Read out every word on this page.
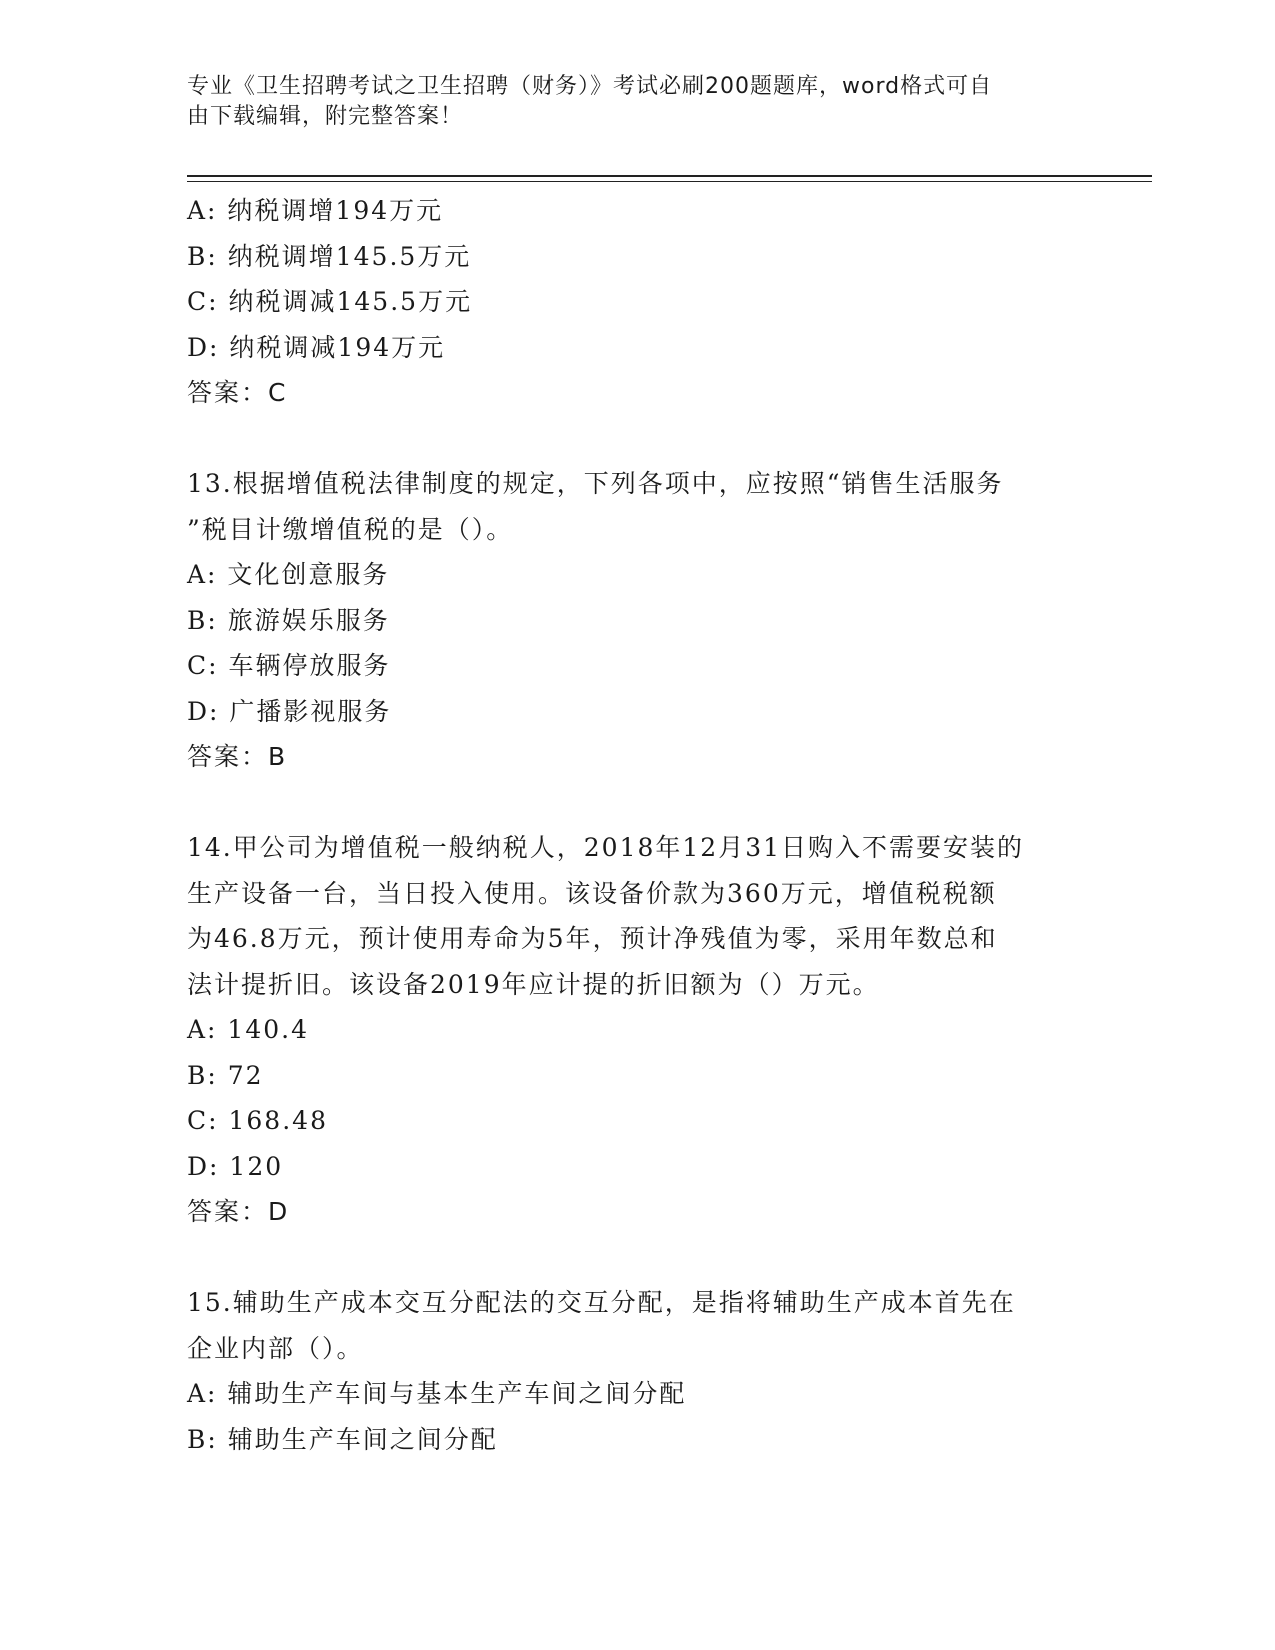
专业《卫生招聘考试之卫生招聘（财务）》考试必刷200题题库，word格式可自
由下载编辑，附完整答案！
A: 纳税调增194万元
B: 纳税调增145.5万元
C: 纳税调减145.5万元
D: 纳税调减194万元
答案：C
13.根据增值税法律制度的规定，下列各项中，应按照“销售生活服务
”税目计缴增值税的是（）。
A: 文化创意服务
B: 旅游娱乐服务
C: 车辆停放服务
D: 广播影视服务
答案：B
14.甲公司为增值税一般纳税人，2018年12月31日购入不需要安装的
生产设备一台，当日投入使用。该设备价款为360万元，增值税税额
为46.8万元，预计使用寿命为5年，预计净残值为零，采用年数总和
法计提折旧。该设备2019年应计提的折旧额为（）万元。
A: 140.4
B: 72
C: 168.48
D: 120
答案：D
15.辅助生产成本交互分配法的交互分配，是指将辅助生产成本首先在
企业内部（）。
A: 辅助生产车间与基本生产车间之间分配
B: 辅助生产车间之间分配
